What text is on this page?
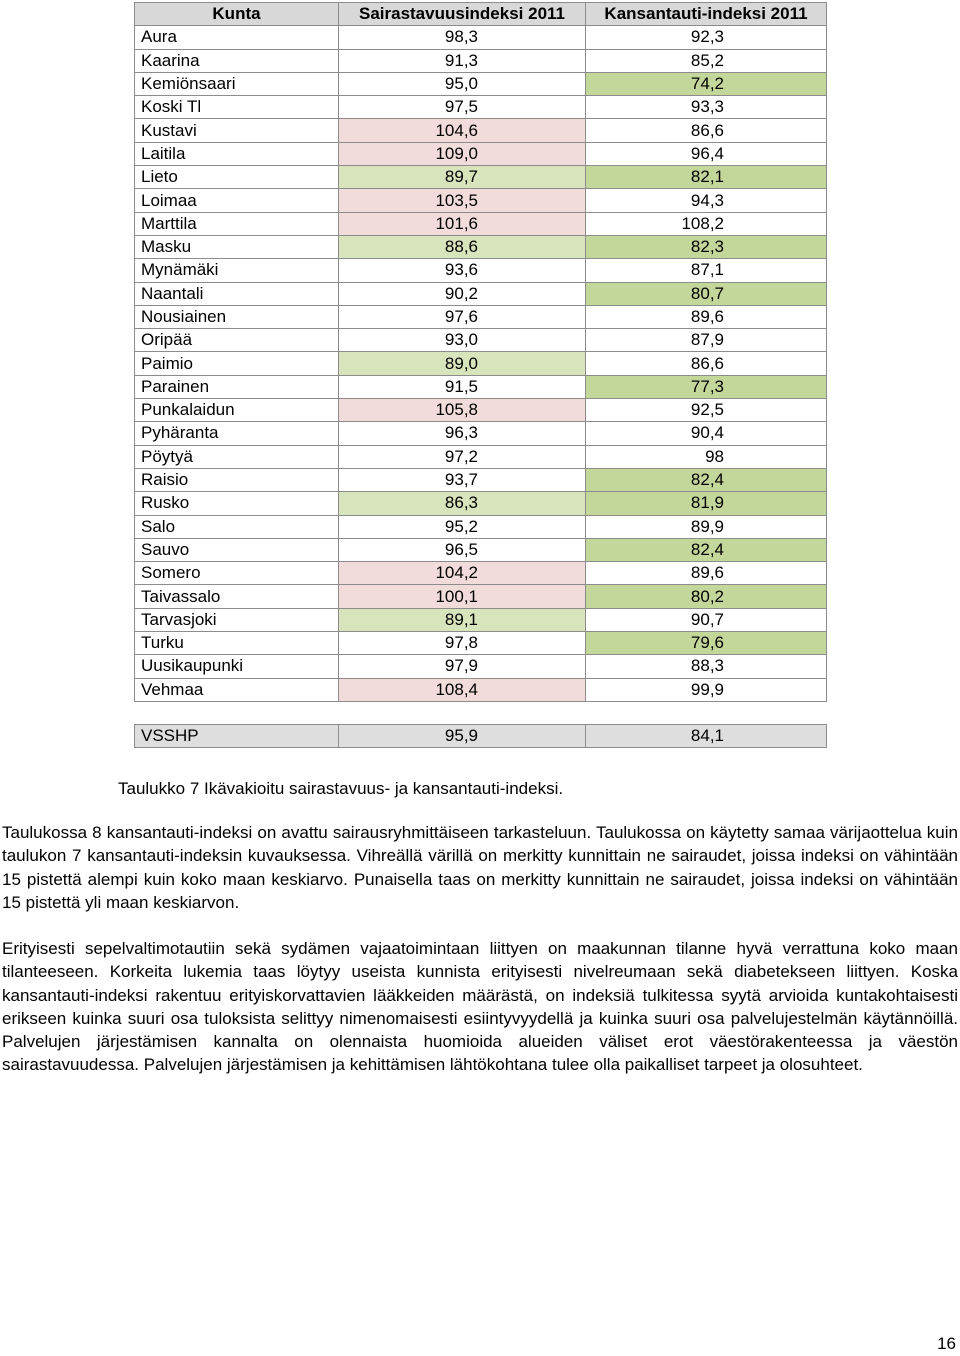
Kunta	Sairastavuusindeksi 2011	Kansantauti-indeksi 2011
Aura	98,3	92,3
Kaarina	91,3	85,2
Kemiönsaari	95,0	74,2
Koski Tl	97,5	93,3
Kustavi	104,6	86,6
Laitila	109,0	96,4
Lieto	89,7	82,1
Loimaa	103,5	94,3
Marttila	101,6	108,2
Masku	88,6	82,3
Mynämäki	93,6	87,1
Naantali	90,2	80,7
Nousiainen	97,6	89,6
Oripää	93,0	87,9
Paimio	89,0	86,6
Parainen	91,5	77,3
Punkalaidun	105,8	92,5
Pyhäranta	96,3	90,4
Pöytyä	97,2	98
Raisio	93,7	82,4
Rusko	86,3	81,9
Salo	95,2	89,9
Sauvo	96,5	82,4
Somero	104,2	89,6
Taivassalo	100,1	80,2
Tarvasjoki	89,1	90,7
Turku	97,8	79,6
Uusikaupunki	97,9	88,3
Vehmaa	108,4	99,9

VSSHP	95,9	84,1
Taulukko 7 Ikävakioitu sairastavuus- ja kansantauti-indeksi.

Taulukossa 8 kansantauti-indeksi on avattu sairausryhmittäiseen tarkasteluun. Taulukossa on käytetty samaa värijaottelua kuin taulukon 7 kansantauti-indeksin kuvauksessa. Vihreällä värillä on merkitty kunnittain ne sairaudet, joissa indeksi on vähintään 15 pistettä alempi kuin koko maan keskiarvo. Punaisella taas on merkitty kunnittain ne sairaudet, joissa indeksi on vähintään 15 pistettä yli maan keskiarvon.

Erityisesti sepelvaltimotautiin sekä sydämen vajaatoimintaan liittyen on maakunnan tilanne hyvä verrattuna koko maan tilanteeseen. Korkeita lukemia taas löytyy useista kunnista erityisesti nivelreumaan sekä diabetekseen liittyen. Koska kansantauti-indeksi rakentuu erityiskorvattavien lääkkeiden määrästä, on indeksiä tulkitessa syytä arvioida kuntakohtaisesti erikseen kuinka suuri osa tuloksista selittyy nimenomaisesti esiintyvyydellä ja kuinka suuri osa palvelujestelmän käytännöillä. Palvelujen järjestämisen kannalta on olennaista huomioida alueiden väliset erot väestörakenteessa ja väestön sairastavuudessa. Palvelujen järjestämisen ja kehittämisen lähtökohtana tulee olla paikalliset tarpeet ja olosuhteet.

16
